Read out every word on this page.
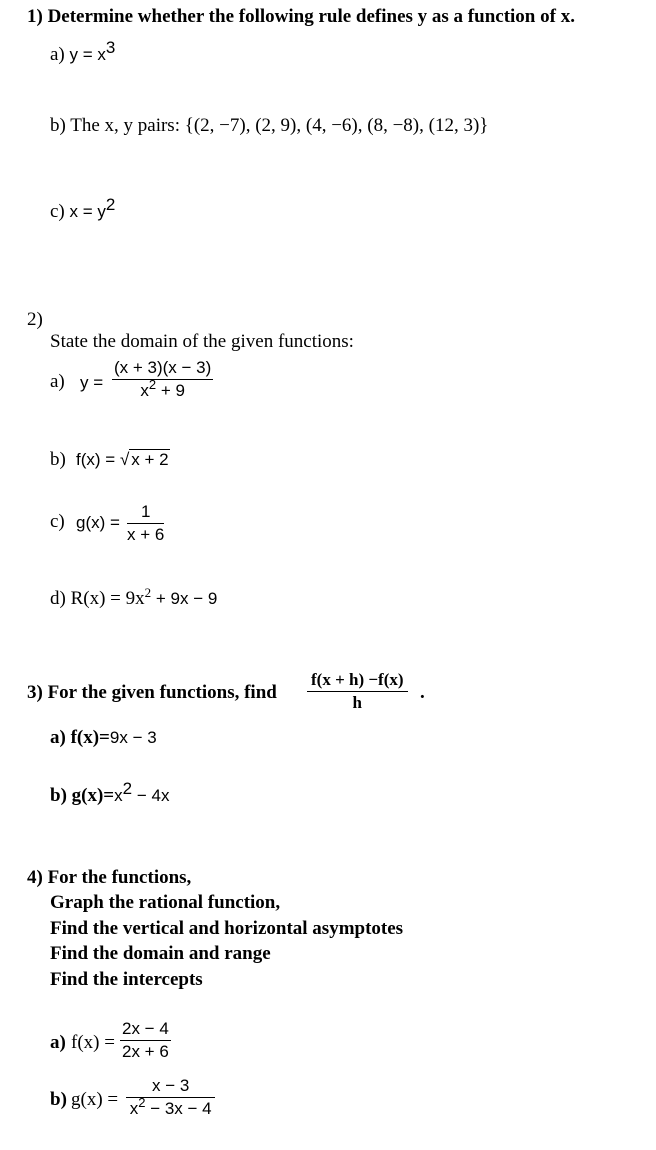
1) Determine whether the following rule defines y as a function of x.
a) $y = x^3$
b) The x, y pairs: {(2, −7), (2, 9), (4, −6), (8, −8), (12, 3)}
c) $x = y^2$
2)
State the domain of the given functions:
a) $y = \frac{(x + 3)(x - 3)}{x^2 + 9}$
b) f(x) = √ x + 2
c) $g(x) = \frac{1}{x + 6}$
d) $R(x) = 9x^2 + 9x - 9$
3) For the given functions, find $\frac{f(x + h) -f(x)}{h}$ .
a) f(x)=9x − 3
b) $g(x)=x^2 - 4x$
4) For the functions,
Graph the rational function,
Find the vertical and horizontal asymptotes
Find the domain and range
Find the intercepts
a) $f(x) = \frac{2x - 4}{2x + 6}$
b) $g(x) = \frac{x - 3}{x^2 - 3x - 4}$
